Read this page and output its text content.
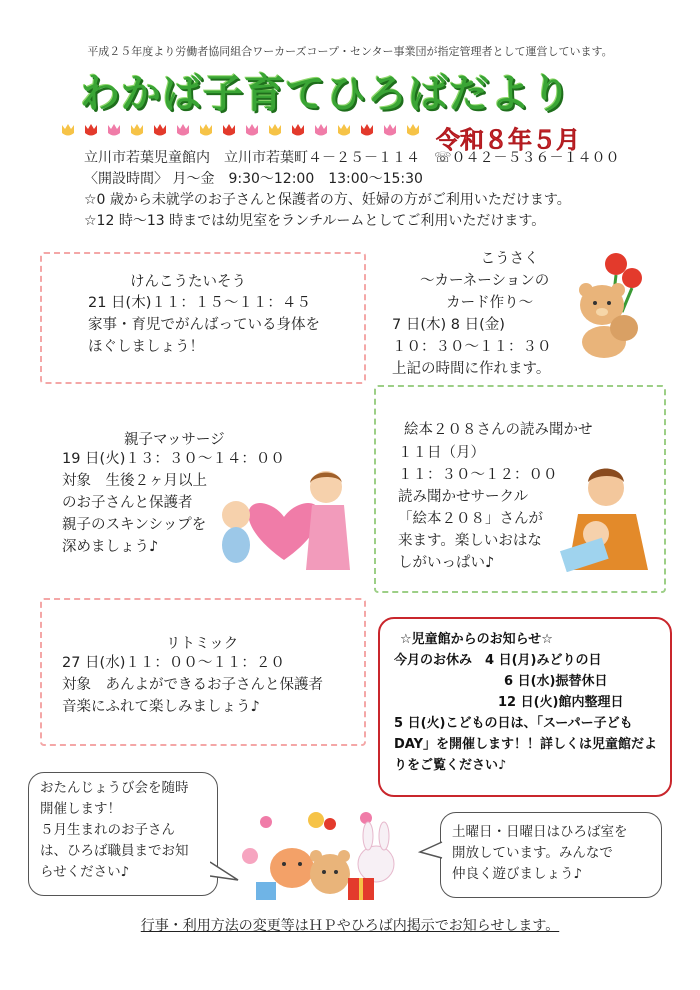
平成２５年度より労働者協同組合ワーカーズコープ・センター事業団が指定管理者として運営しています。
わかば子育てひろばだより
令和８年５月
立川市若葉児童館内　立川市若葉町４－２５－１１４　☏０４２－５３６－１４００
〈開設時間〉 月～金　9:30～12:00　13:00～15:30
☆0 歳から未就学のお子さんと保護者の方、妊婦の方がご利用いただけます。
☆12 時～13 時までは幼児室をランチルームとしてご利用いただけます。
けんこうたいそう
21 日(木)１１：１５～１１：４５
家事・育児でがんばっている身体を
ほぐしましょう！
こうさく
～カーネーションの
カード作り～
7 日(木) 8 日(金)
１０：３０～１１：３０
上記の時間に作れます。
親子マッサージ
19 日(火)１３：３０～１４：００
対象　生後２ヶ月以上
のお子さんと保護者
親子のスキンシップを
深めましょう♪
絵本２０８さんの読み聞かせ
１１日（月）
１１：３０～１２：００
読み聞かせサークル
「絵本２０８」さんが
来ます。楽しいおはな
しがいっぱい♪
リトミック
27 日(水)１１：００～１１：２０
対象　あんよができるお子さんと保護者
音楽にふれて楽しみましょう♪
☆児童館からのお知らせ☆
今月のお休み　4 日(月)みどりの日
6 日(水)振替休日
12 日(火)館内整理日
5 日(火)こどもの日は、「スーパー子ども
DAY」を開催します！！詳しくは児童館だよ
りをご覧ください♪
おたんじょうび会を随時
開催します！
５月生まれのお子さん
は、ひろば職員までお知
らせください♪
土曜日・日曜日はひろば室を
開放しています。みんなで
仲良く遊びましょう♪
行事・利用方法の変更等はＨＰやひろば内掲示でお知らせします。
